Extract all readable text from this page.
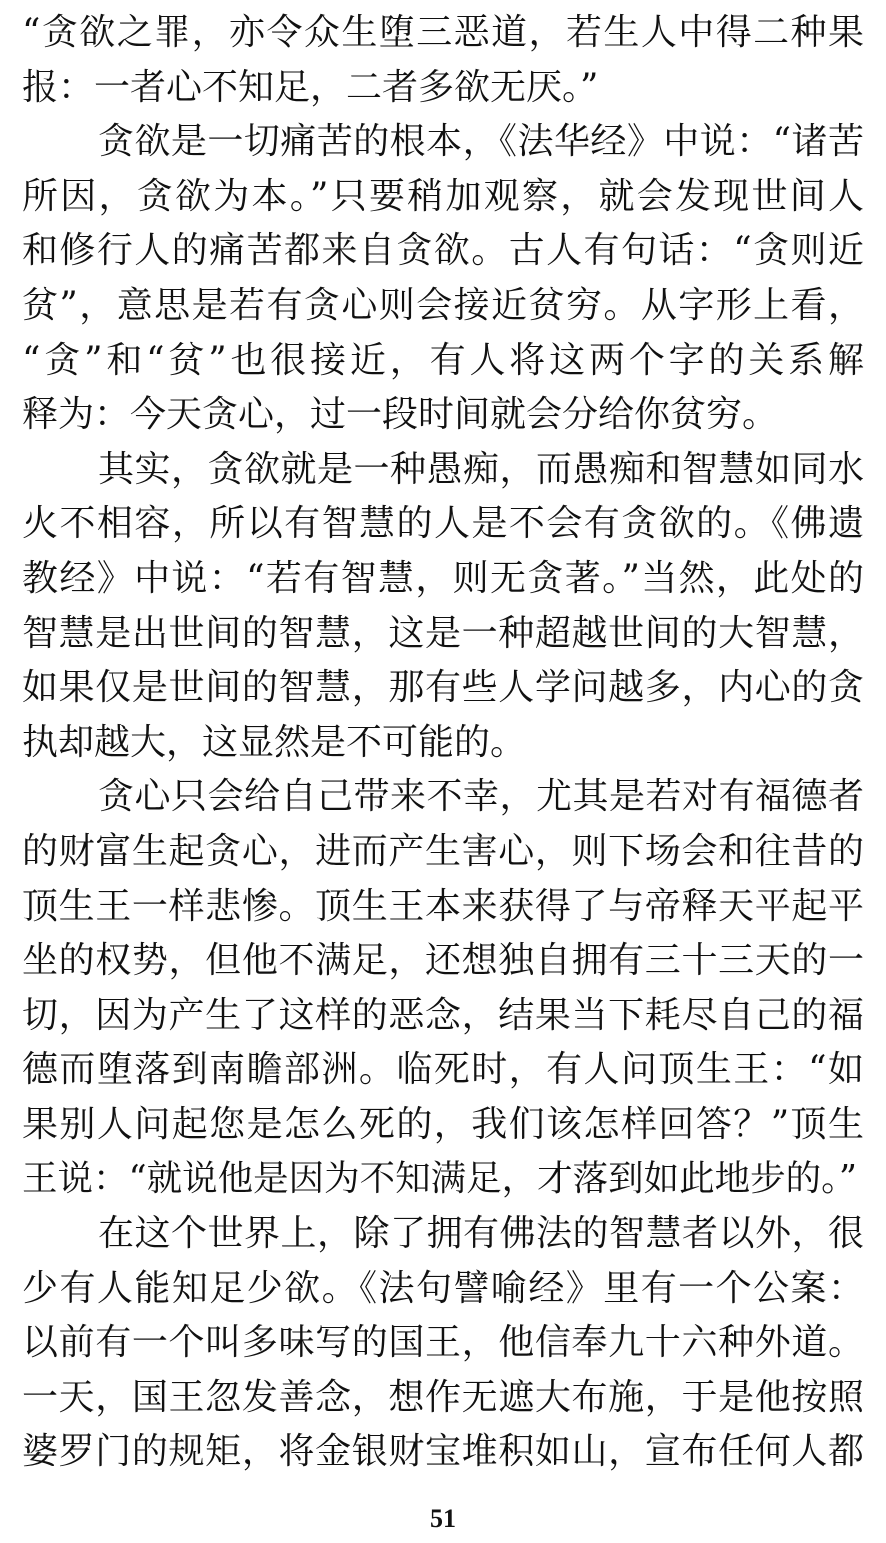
“贪欲之罪，亦令众生堕三恶道，若生人中得二种果
报：一者心不知足，二者多欲无厌。”
贪欲是一切痛苦的根本，《法华经》中说：“诸苦
所因，贪欲为本。”只要稍加观察，就会发现世间人
和修行人的痛苦都来自贪欲。古人有句话：“贪则近
贫”，意思是若有贪心则会接近贫穷。从字形上看，
“贪”和“贫”也很接近，有人将这两个字的关系解
释为：今天贪心，过一段时间就会分给你贫穷。
其实，贪欲就是一种愚痴，而愚痴和智慧如同水
火不相容，所以有智慧的人是不会有贪欲的。《佛遗
教经》中说：“若有智慧，则无贪著。”当然，此处的
智慧是出世间的智慧，这是一种超越世间的大智慧，
如果仅是世间的智慧，那有些人学问越多，内心的贪
执却越大，这显然是不可能的。
贪心只会给自己带来不幸，尤其是若对有福德者
的财富生起贪心，进而产生害心，则下场会和往昔的
顶生王一样悲惨。顶生王本来获得了与帝释天平起平
坐的权势，但他不满足，还想独自拥有三十三天的一
切，因为产生了这样的恶念，结果当下耗尽自己的福
德而堕落到南瞻部洲。临死时，有人问顶生王：“如
果别人问起您是怎么死的，我们该怎样回答？”顶生
王说：“就说他是因为不知满足，才落到如此地步的。”
在这个世界上，除了拥有佛法的智慧者以外，很
少有人能知足少欲。《法句譬喻经》里有一个公案：
以前有一个叫多味写的国王，他信奉九十六种外道。
一天，国王忽发善念，想作无遮大布施，于是他按照
婆罗门的规矩，将金银财宝堆积如山，宣布任何人都
51
